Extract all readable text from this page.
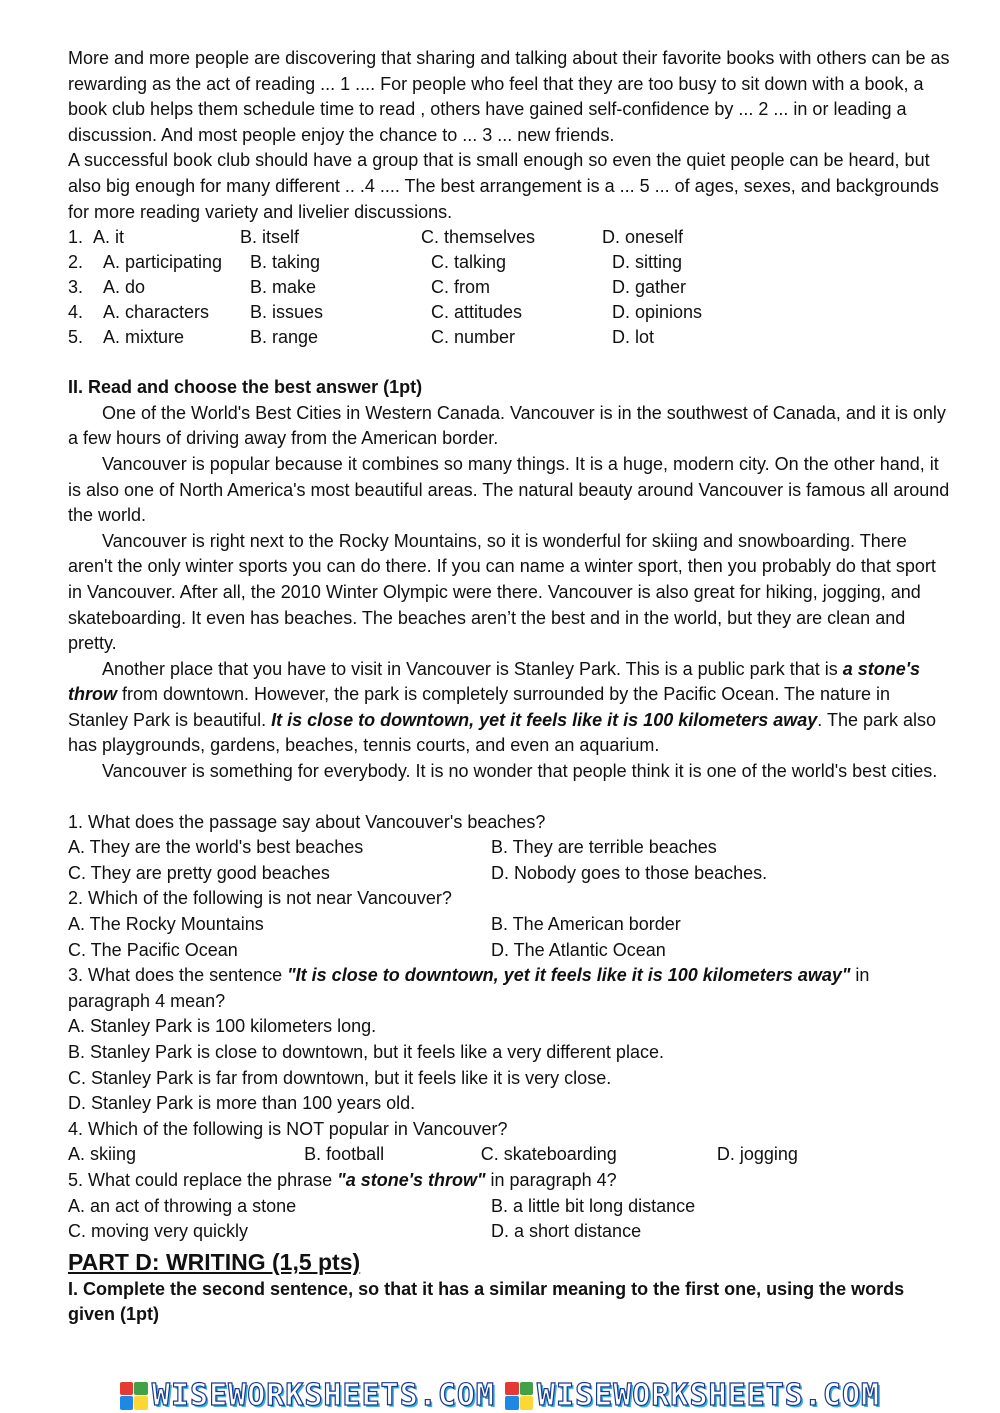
More and more people are discovering that sharing and talking about their favorite books with others can be as rewarding as the act of reading ... 1 .... For people who feel that they are too busy to sit down with a book, a book club helps them schedule time to read , others have gained self-confidence by ... 2 ... in or leading a discussion. And most people enjoy the chance to ... 3 ... new friends.

A successful book club should have a group that is small enough so even the quiet people can be heard, but also big enough for many different .. .4 .... The best arrangement is a ... 5 ... of ages, sexes, and backgrounds for more reading variety and livelier discussions.

1. A. it	B. itself	C. themselves	D. oneself
2.	A. participating	B. taking	C. talking	D. sitting
3.	A. do	B. make	C. from	D. gather
4.	A. characters	B. issues	C. attitudes	D. opinions
5.	A. mixture	B. range	C. number	D. lot

II. Read and choose the best answer (1pt)

One of the World's Best Cities in Western Canada. Vancouver is in the southwest of Canada, and it is only a few hours of driving away from the American border.

Vancouver is popular because it combines so many things. It is a huge, modern city. On the other hand, it is also one of North America's most beautiful areas. The natural beauty around Vancouver is famous all around the world.

Vancouver is right next to the Rocky Mountains, so it is wonderful for skiing and snowboarding. There aren't the only winter sports you can do there. If you can name a winter sport, then you probably do that sport in Vancouver. After all, the 2010 Winter Olympic were there. Vancouver is also great for hiking, jogging, and skateboarding. It even has beaches. The beaches aren’t the best and in the world, but they are clean and pretty.

Another place that you have to visit in Vancouver is Stanley Park. This is a public park that is a stone's throw from downtown. However, the park is completely surrounded by the Pacific Ocean. The nature in Stanley Park is beautiful. It is close to downtown, yet it feels like it is 100 kilometers away. The park also has playgrounds, gardens, beaches, tennis courts, and even an aquarium.

Vancouver is something for everybody. It is no wonder that people think it is one of the world's best cities.

1. What does the passage say about Vancouver's beaches?

A. They are the world's best beaches	B. They are terrible beaches
C. They are pretty good beaches	D. Nobody goes to those beaches.

2. Which of the following is not near Vancouver?

A. The Rocky Mountains	B. The American border
C. The Pacific Ocean	D. The Atlantic Ocean

3. What does the sentence "It is close to downtown, yet it feels like it is 100 kilometers away" in paragraph 4 mean?

A. Stanley Park is 100 kilometers long.

B. Stanley Park is close to downtown, but it feels like a very different place.

C. Stanley Park is far from downtown, but it feels like it is very close.

D. Stanley Park is more than 100 years old.

4. Which of the following is NOT popular in Vancouver?

A. skiing	B. football	C. skateboarding	D. jogging

5. What could replace the phrase "a stone's throw" in paragraph 4?

A. an act of throwing a stone	B. a little bit long distance
C. moving very quickly	D. a short distance
PART D: WRITING (1,5 pts)

I. Complete the second sentence, so that it has a similar meaning to the first one, using the words given (1pt)

WISEWORKSHEETS.COM WISEWORKSHEETS.COM
